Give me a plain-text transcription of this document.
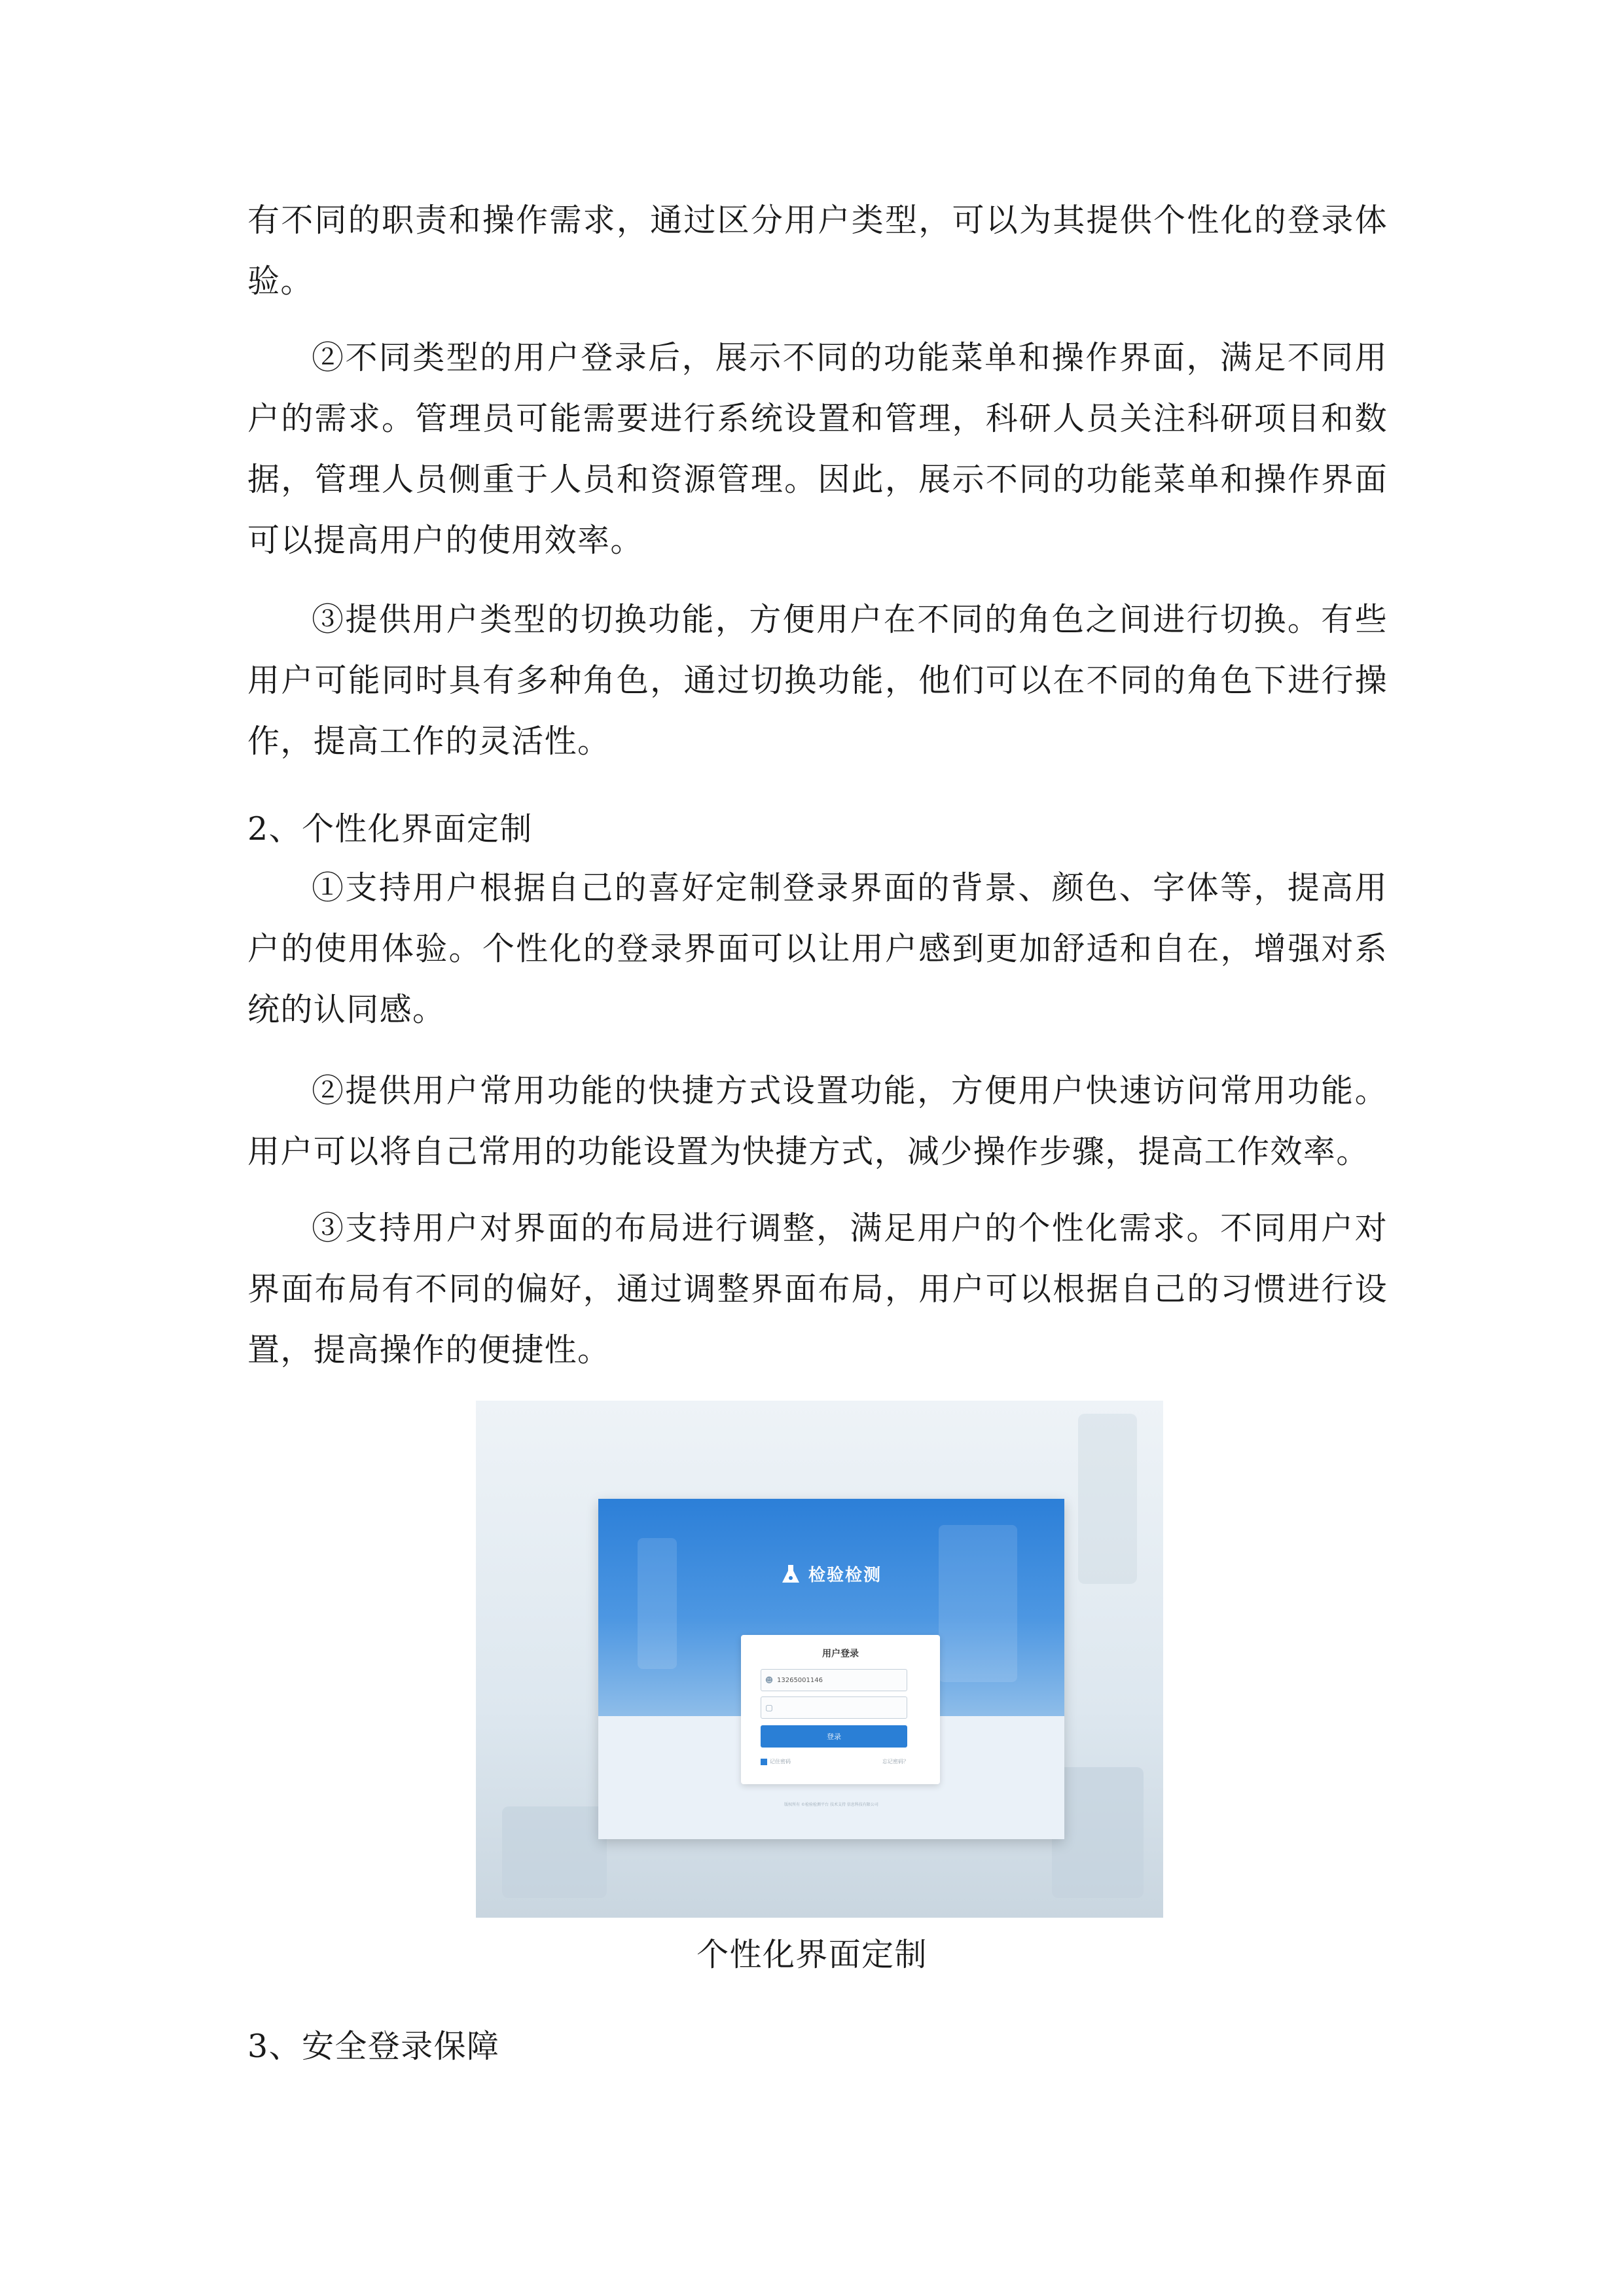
有不同的职责和操作需求，通过区分用户类型，可以为其提供个性化的登录体验。

②不同类型的用户登录后，展示不同的功能菜单和操作界面，满足不同用户的需求。管理员可能需要进行系统设置和管理，科研人员关注科研项目和数据，管理人员侧重于人员和资源管理。因此，展示不同的功能菜单和操作界面可以提高用户的使用效率。

③提供用户类型的切换功能，方便用户在不同的角色之间进行切换。有些用户可能同时具有多种角色，通过切换功能，他们可以在不同的角色下进行操作，提高工作的灵活性。

2、个性化界面定制

①支持用户根据自己的喜好定制登录界面的背景、颜色、字体等，提高用户的使用体验。个性化的登录界面可以让用户感到更加舒适和自在，增强对系统的认同感。

②提供用户常用功能的快捷方式设置功能，方便用户快速访问常用功能。用户可以将自己常用的功能设置为快捷方式，减少操作步骤，提高工作效率。

③支持用户对界面的布局进行调整，满足用户的个性化需求。不同用户对界面布局有不同的偏好，通过调整界面布局，用户可以根据自己的习惯进行设置，提高操作的便捷性。

检验检测
用户登录
☻ 13265001146
▢
登录
记住密码	忘记密码？
版权所有 ©检验检测平台 技术支持 信息科技有限公司

个性化界面定制

3、安全登录保障
